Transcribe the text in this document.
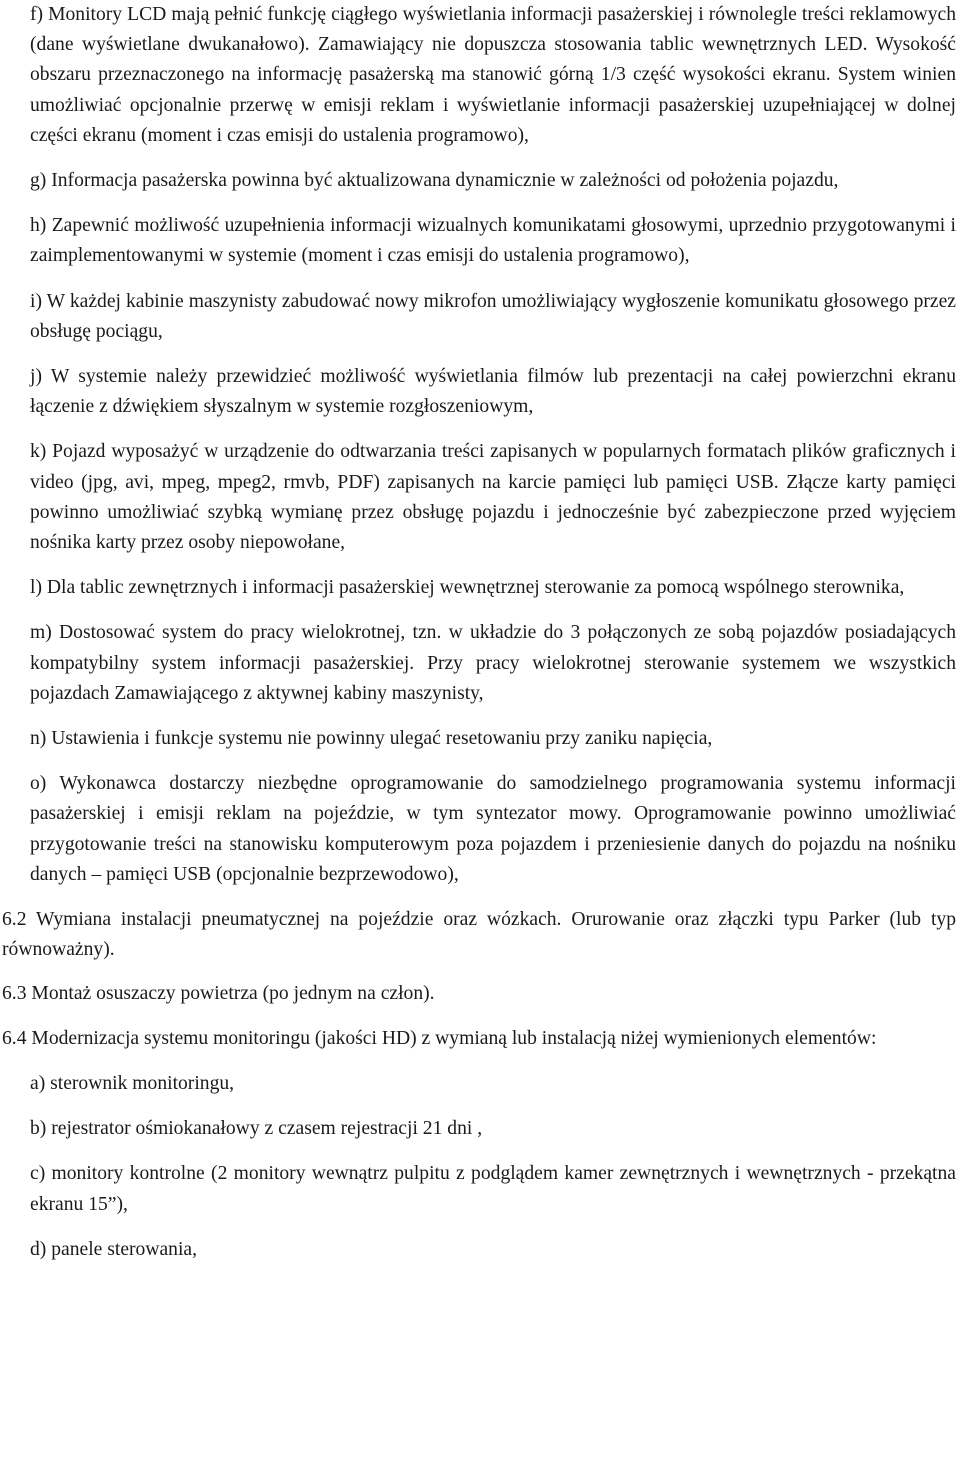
f) Monitory LCD mają pełnić funkcję ciągłego wyświetlania informacji pasażerskiej i równolegle treści reklamowych (dane wyświetlane dwukanałowo). Zamawiający nie dopuszcza stosowania tablic wewnętrznych LED. Wysokość obszaru przeznaczonego na informację pasażerską ma stanowić górną 1/3 część wysokości ekranu. System winien umożliwiać opcjonalnie przerwę w emisji reklam i wyświetlanie informacji pasażerskiej uzupełniającej w dolnej części ekranu (moment i czas emisji do ustalenia programowo),

g) Informacja pasażerska powinna być aktualizowana dynamicznie w zależności od położenia pojazdu,

h) Zapewnić możliwość uzupełnienia informacji wizualnych komunikatami głosowymi, uprzednio przygotowanymi i zaimplementowanymi w systemie (moment i czas emisji do ustalenia programowo),

i) W każdej kabinie maszynisty zabudować nowy mikrofon umożliwiający wygłoszenie komunikatu głosowego przez obsługę pociągu,

j) W systemie należy przewidzieć możliwość wyświetlania filmów lub prezentacji na całej powierzchni ekranu łączenie z dźwiękiem słyszalnym w systemie rozgłoszeniowym,

k) Pojazd wyposażyć w urządzenie do odtwarzania treści zapisanych w popularnych formatach plików graficznych i video (jpg, avi, mpeg, mpeg2, rmvb, PDF) zapisanych na karcie pamięci lub pamięci USB. Złącze karty pamięci powinno umożliwiać szybką wymianę przez obsługę pojazdu i jednocześnie być zabezpieczone przed wyjęciem nośnika karty przez osoby niepowołane,

l) Dla tablic zewnętrznych i informacji pasażerskiej wewnętrznej sterowanie za pomocą wspólnego sterownika,

m) Dostosować system do pracy wielokrotnej, tzn. w układzie do 3 połączonych ze sobą pojazdów posiadających kompatybilny system informacji pasażerskiej. Przy pracy wielokrotnej sterowanie systemem we wszystkich pojazdach Zamawiającego z aktywnej kabiny maszynisty,

n) Ustawienia i funkcje systemu nie powinny ulegać resetowaniu przy zaniku napięcia,

o) Wykonawca dostarczy niezbędne oprogramowanie do samodzielnego programowania systemu informacji pasażerskiej i emisji reklam na pojeździe, w tym syntezator mowy. Oprogramowanie powinno umożliwiać przygotowanie treści na stanowisku komputerowym poza pojazdem i przeniesienie danych do pojazdu na nośniku danych – pamięci USB (opcjonalnie bezprzewodowo),

6.2 Wymiana instalacji pneumatycznej na pojeździe oraz wózkach. Orurowanie oraz złączki typu Parker (lub typ równoważny).

6.3 Montaż osuszaczy powietrza (po jednym na człon).

6.4 Modernizacja systemu monitoringu (jakości HD) z wymianą lub instalacją niżej wymienionych elementów:

a) sterownik monitoringu,

b) rejestrator ośmiokanałowy z czasem rejestracji 21 dni ,

c) monitory kontrolne (2 monitory wewnątrz pulpitu z podglądem kamer zewnętrznych i wewnętrznych - przekątna ekranu 15”),

d) panele sterowania,
